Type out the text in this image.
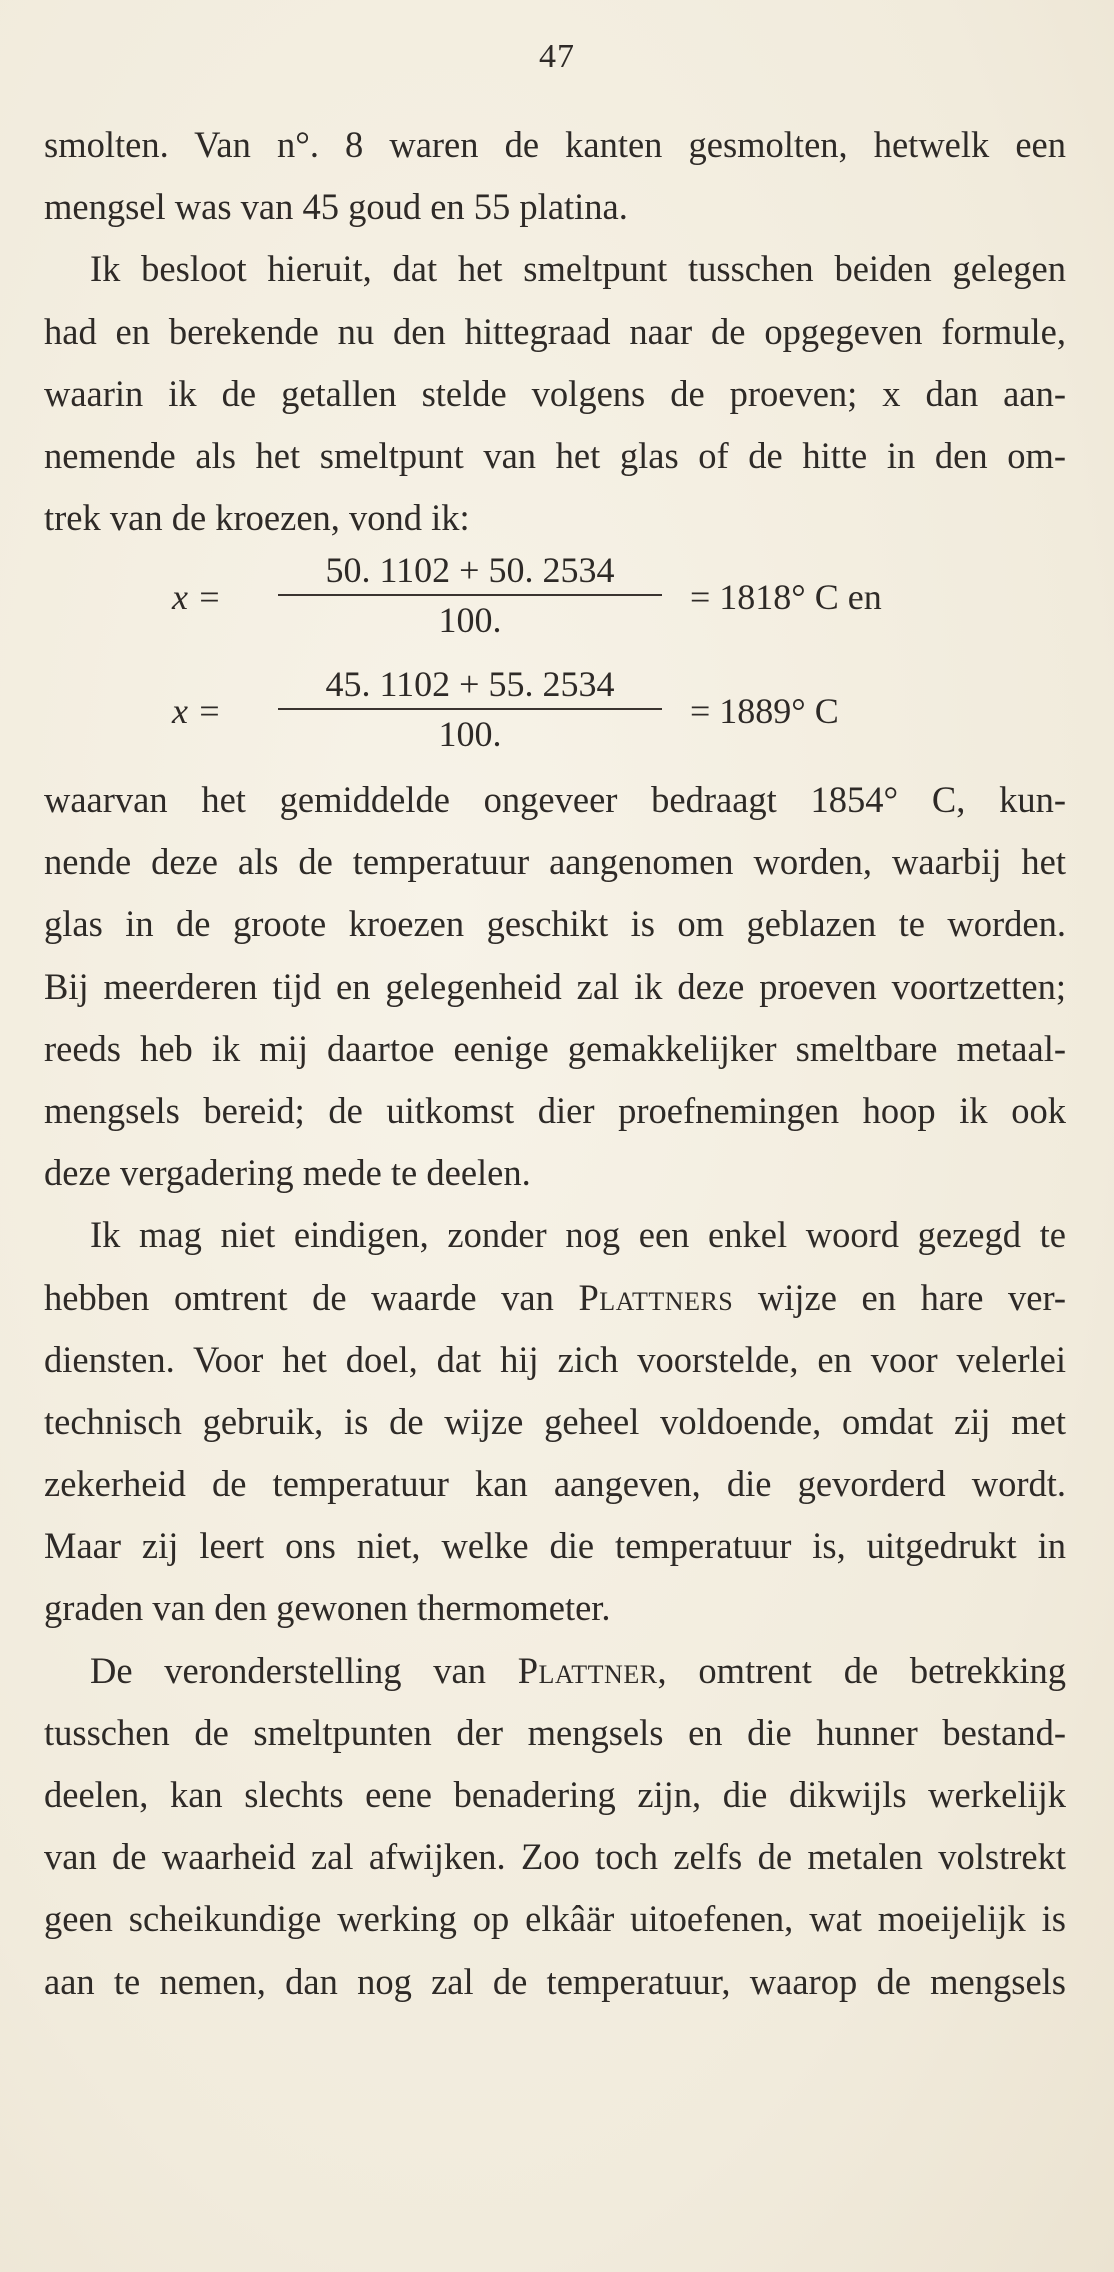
47
smolten. Van n°. 8 waren de kanten gesmolten, hetwelk een
mengsel was van 45 goud en 55 platina.
Ik besloot hieruit, dat het smeltpunt tusschen beiden gelegen
had en berekende nu den hittegraad naar de opgegeven formule,
waarin ik de getallen stelde volgens de proeven; x dan aan-
nemende als het smeltpunt van het glas of de hitte in den om-
trek van de kroezen, vond ik:
x =
50. 1102 + 50. 2534
100.
= 1818° C en
x =
45. 1102 + 55. 2534
100.
= 1889° C
waarvan het gemiddelde ongeveer bedraagt 1854° C, kun-
nende deze als de temperatuur aangenomen worden, waarbij het
glas in de groote kroezen geschikt is om geblazen te worden.
Bij meerderen tijd en gelegenheid zal ik deze proeven voortzetten;
reeds heb ik mij daartoe eenige gemakkelijker smeltbare metaal-
mengsels bereid; de uitkomst dier proefnemingen hoop ik ook
deze vergadering mede te deelen.
Ik mag niet eindigen, zonder nog een enkel woord gezegd te
hebben omtrent de waarde van Plattners wijze en hare ver-
diensten. Voor het doel, dat hij zich voorstelde, en voor velerlei
technisch gebruik, is de wijze geheel voldoende, omdat zij met
zekerheid de temperatuur kan aangeven, die gevorderd wordt.
Maar zij leert ons niet, welke die temperatuur is, uitgedrukt in
graden van den gewonen thermometer.
De veronderstelling van Plattner, omtrent de betrekking
tusschen de smeltpunten der mengsels en die hunner bestand-
deelen, kan slechts eene benadering zijn, die dikwijls werkelijk
van de waarheid zal afwijken. Zoo toch zelfs de metalen volstrekt
geen scheikundige werking op elkâär uitoefenen, wat moeijelijk is
aan te nemen, dan nog zal de temperatuur, waarop de mengsels
